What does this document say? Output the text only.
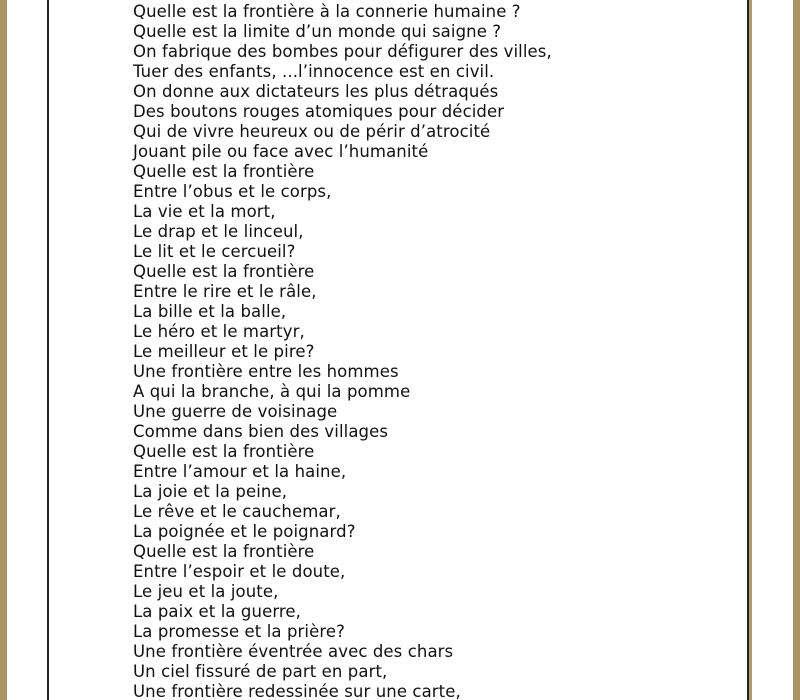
Quelle est la frontière à la connerie humaine ?
Quelle est la limite d’un monde qui saigne ?
On fabrique des bombes pour défigurer des villes,
Tuer des enfants, ...l’innocence est en civil.
On donne aux dictateurs les plus détraqués
Des boutons rouges atomiques pour décider
Qui de vivre heureux ou de périr d’atrocité
Jouant pile ou face avec l’humanité
Quelle est la frontière
Entre l’obus et le corps,
La vie et la mort,
Le drap et le linceul,
Le lit et le cercueil?
Quelle est la frontière
Entre le rire et le râle,
La bille et la balle,
Le héro et le martyr,
Le meilleur et le pire?
Une frontière entre les hommes
A qui la branche, à qui la pomme
Une guerre de voisinage
Comme dans bien des villages
Quelle est la frontière
Entre l’amour et la haine,
La joie et la peine,
Le rêve et le cauchemar,
La poignée et le poignard?
Quelle est la frontière
Entre l’espoir et le doute,
Le jeu et la joute,
La paix et la guerre,
La promesse et la prière?
Une frontière éventrée avec des chars
Un ciel fissuré de part en part,
Une frontière redessinée sur une carte,
